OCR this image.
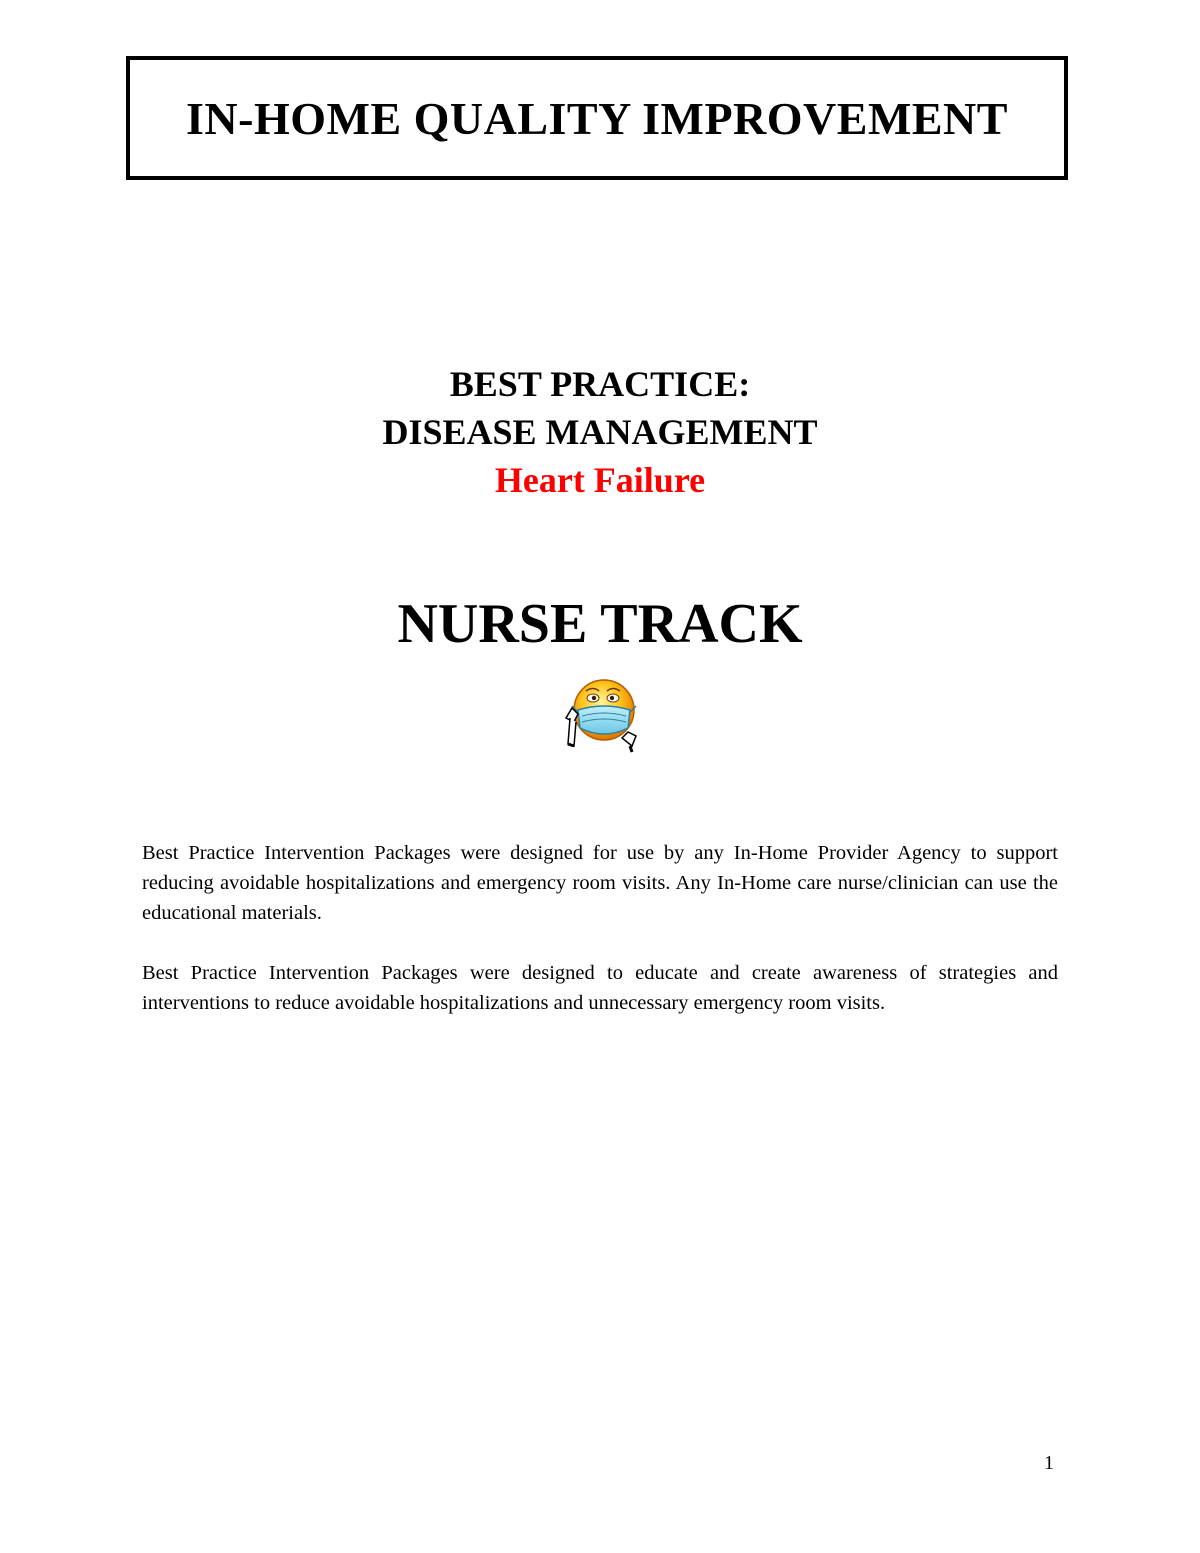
IN-HOME QUALITY IMPROVEMENT
BEST PRACTICE:
DISEASE MANAGEMENT
Heart Failure
NURSE TRACK

Best Practice Intervention Packages were designed for use by any In-Home Provider Agency to support reducing avoidable hospitalizations and emergency room visits. Any In-Home care nurse/clinician can use the educational materials.

Best Practice Intervention Packages were designed to educate and create awareness of strategies and interventions to reduce avoidable hospitalizations and unnecessary emergency room visits.

1
